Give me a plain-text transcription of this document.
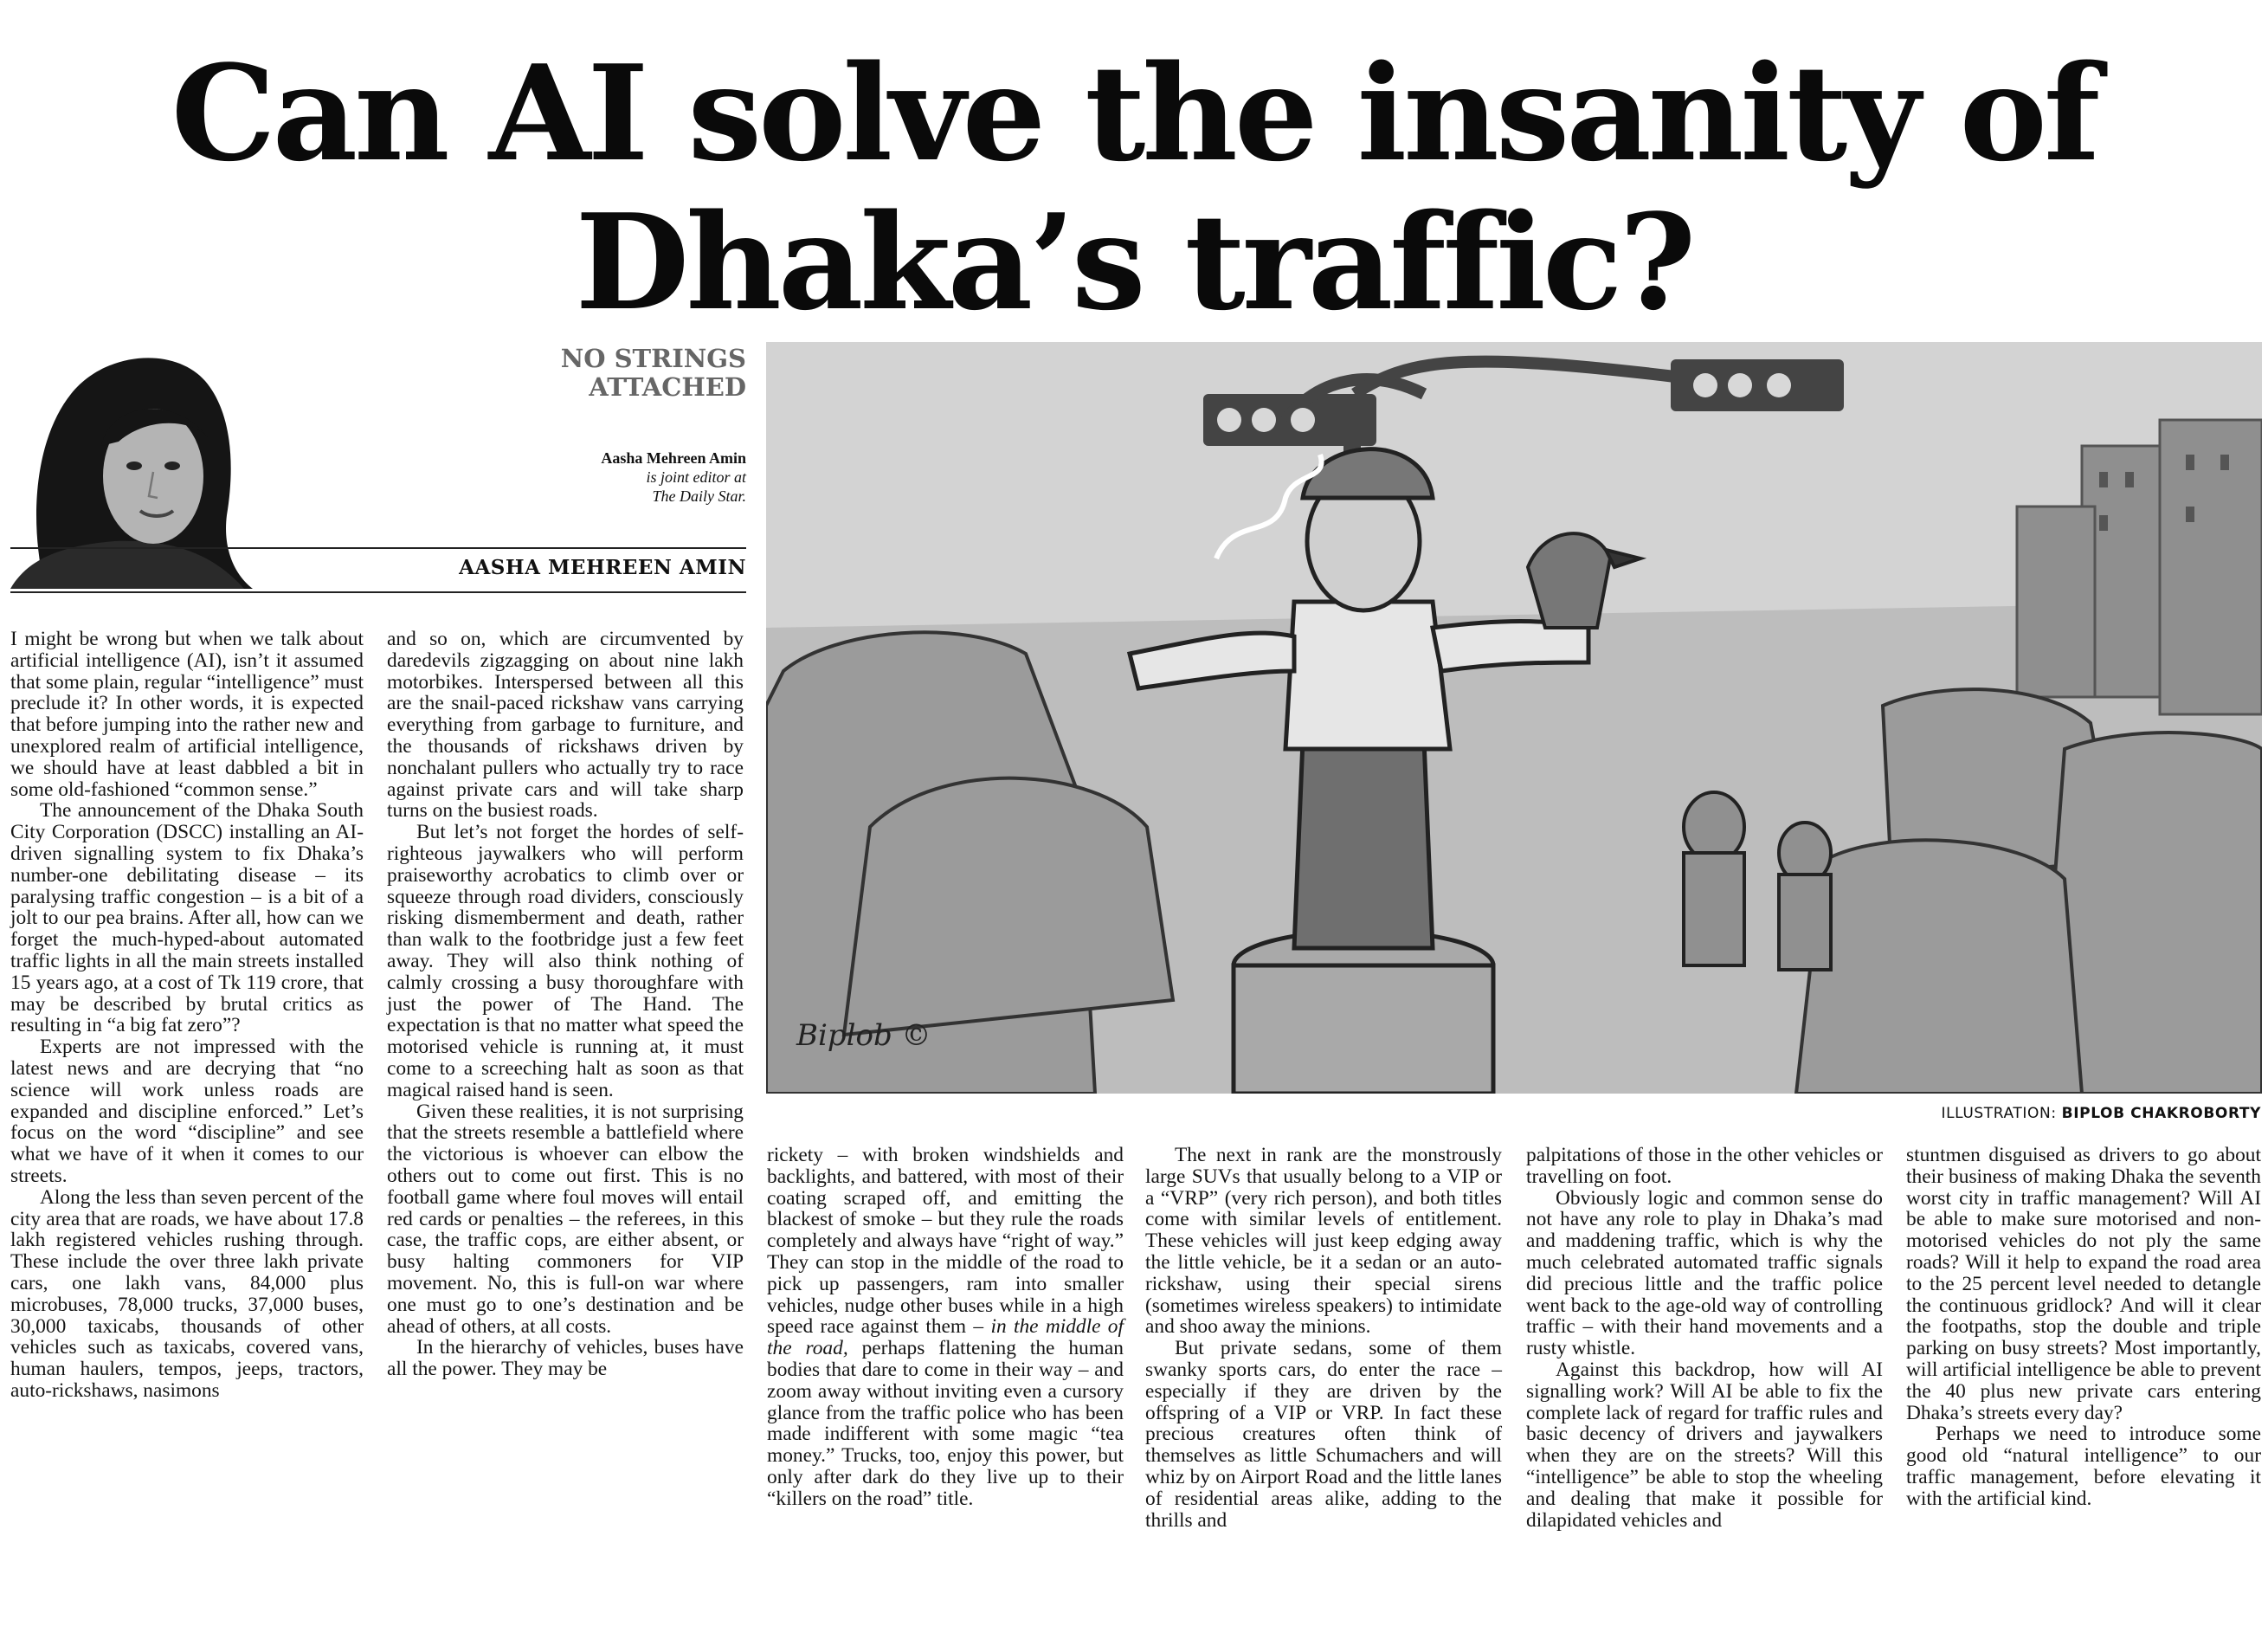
Can AI solve the insanity of
Dhaka’s traffic?
NO STRINGS
ATTACHED
Aasha Mehreen Amin
is joint editor at
The Daily Star.
AASHA MEHREEN AMIN
Biplob ©
ILLUSTRATION: BIPLOB CHAKROBORTY

I might be wrong but when we talk about artificial intelligence (AI), isn’t it assumed that some plain, regular “intelligence” must preclude it? In other words, it is expected that before jumping into the rather new and unexplored realm of artificial intelligence, we should have at least dabbled a bit in some old-fashioned “common sense.”

The announcement of the Dhaka South City Corporation (DSCC) installing an AI-driven signalling system to fix Dhaka’s number-one debilitating disease – its paralysing traffic congestion – is a bit of a jolt to our pea brains. After all, how can we forget the much-hyped-about automated traffic lights in all the main streets installed 15 years ago, at a cost of Tk 119 crore, that may be described by brutal critics as resulting in “a big fat zero”?

Experts are not impressed with the latest news and are decrying that “no science will work unless roads are expanded and discipline enforced.” Let’s focus on the word “discipline” and see what we have of it when it comes to our streets.

Along the less than seven percent of the city area that are roads, we have about 17.8 lakh registered vehicles rushing through. These include the over three lakh private cars, one lakh vans, 84,000 plus microbuses, 78,000 trucks, 37,000 buses, 30,000 taxicabs, thousands of other vehicles such as taxicabs, covered vans, human haulers, tempos, jeeps, tractors, auto-rickshaws, nasimons

and so on, which are circumvented by daredevils zigzagging on about nine lakh motorbikes. Interspersed between all this are the snail-paced rickshaw vans carrying everything from garbage to furniture, and the thousands of rickshaws driven by nonchalant pullers who actually try to race against private cars and will take sharp turns on the busiest roads.

But let’s not forget the hordes of self-righteous jaywalkers who will perform praiseworthy acrobatics to climb over or squeeze through road dividers, consciously risking dismemberment and death, rather than walk to the footbridge just a few feet away. They will also think nothing of calmly crossing a busy thoroughfare with just the power of The Hand. The expectation is that no matter what speed the motorised vehicle is running at, it must come to a screeching halt as soon as that magical raised hand is seen.

Given these realities, it is not surprising that the streets resemble a battlefield where the victorious is whoever can elbow the others out to come out first. This is no football game where foul moves will entail red cards or penalties – the referees, in this case, the traffic cops, are either absent, or busy halting commoners for VIP movement. No, this is full-on war where one must go to one’s destination and be ahead of others, at all costs.

In the hierarchy of vehicles, buses have all the power. They may be

rickety – with broken windshields and backlights, and battered, with most of their coating scraped off, and emitting the blackest of smoke – but they rule the roads completely and always have “right of way.” They can stop in the middle of the road to pick up passengers, ram into smaller vehicles, nudge other buses while in a high speed race against them – in the middle of the road, perhaps flattening the human bodies that dare to come in their way – and zoom away without inviting even a cursory glance from the traffic police who has been made indifferent with some magic “tea money.” Trucks, too, enjoy this power, but only after dark do they live up to their “killers on the road” title.

The next in rank are the monstrously large SUVs that usually belong to a VIP or a “VRP” (very rich person), and both titles come with similar levels of entitlement. These vehicles will just keep edging away the little vehicle, be it a sedan or an auto-rickshaw, using their special sirens (sometimes wireless speakers) to intimidate and shoo away the minions.

But private sedans, some of them swanky sports cars, do enter the race – especially if they are driven by the offspring of a VIP or VRP. In fact these precious creatures often think of themselves as little Schumachers and will whiz by on Airport Road and the little lanes of residential areas alike, adding to the thrills and

palpitations of those in the other vehicles or travelling on foot.

Obviously logic and common sense do not have any role to play in Dhaka’s mad and maddening traffic, which is why the much celebrated automated traffic signals did precious little and the traffic police went back to the age-old way of controlling traffic – with their hand movements and a rusty whistle.

Against this backdrop, how will AI signalling work? Will AI be able to fix the complete lack of regard for traffic rules and basic decency of drivers and jaywalkers when they are on the streets? Will this “intelligence” be able to stop the wheeling and dealing that make it possible for dilapidated vehicles and

stuntmen disguised as drivers to go about their business of making Dhaka the seventh worst city in traffic management? Will AI be able to make sure motorised and non-motorised vehicles do not ply the same roads? Will it help to expand the road area to the 25 percent level needed to detangle the continuous gridlock? And will it clear the footpaths, stop the double and triple parking on busy streets? Most importantly, will artificial intelligence be able to prevent the 40 plus new private cars entering Dhaka’s streets every day?

Perhaps we need to introduce some good old “natural intelligence” to our traffic management, before elevating it with the artificial kind.
